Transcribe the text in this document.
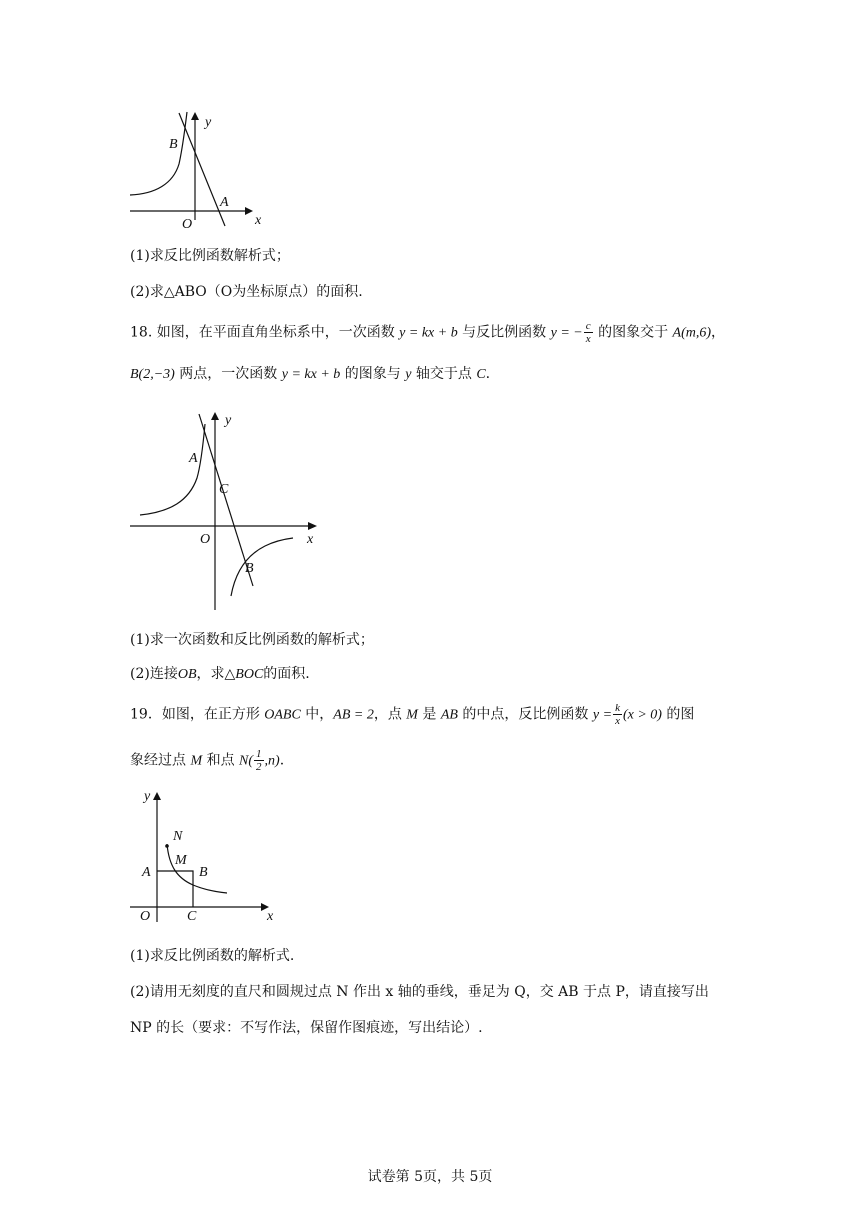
y
x
B
A
O
(1)求反比例函数解析式；
(2)求△ABO（O为坐标原点）的面积.
18. 如图，在平面直角坐标系中，一次函数 y = kx + b 与反比例函数 y = − $\frac{c}{x}$ 的图象交于 A(m,6)，
B(2,−3) 两点，一次函数 y = kx + b 的图象与 y 轴交于点 C.
y
x
A
C
O
B
(1)求一次函数和反比例函数的解析式；
(2)连接OB，求△BOC的面积.
19．如图，在正方形 OABC 中，AB = 2，点 M 是 AB 的中点，反比例函数 $y = \frac{k}{x} (x > 0)$ 的图
象经过点 M 和点 $N( \frac{1}{2} ,n)$.
y
x
N
M
A	B
O	C
(1)求反比例函数的解析式.
(2)请用无刻度的直尺和圆规过点 N 作出 x 轴的垂线，垂足为 Q，交 AB 于点 P，请直接写出
NP 的长（要求：不写作法，保留作图痕迹，写出结论）.
试卷第 5页，共 5页
